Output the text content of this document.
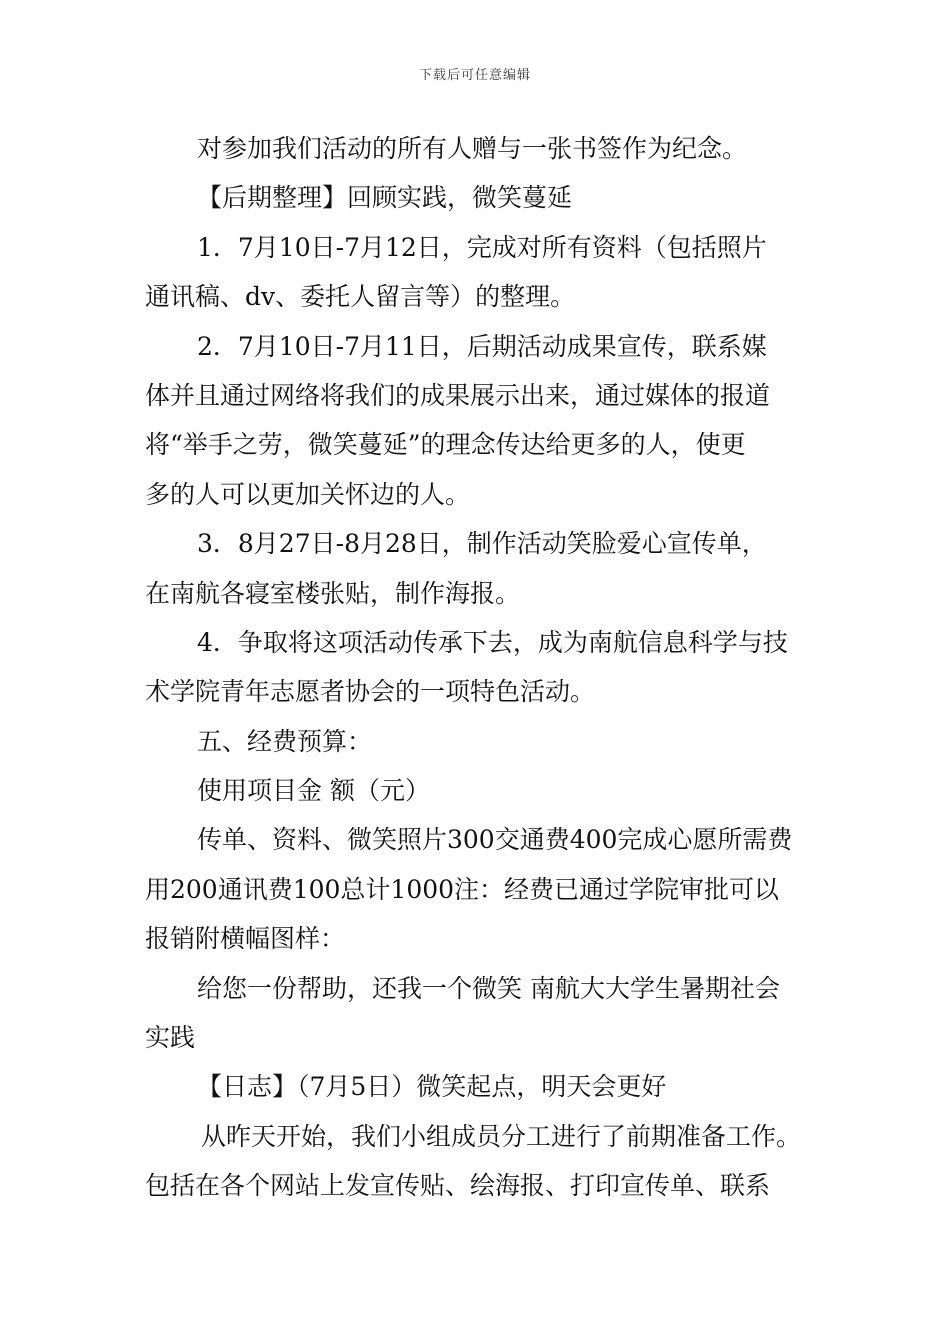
下载后可任意编辑
对参加我们活动的所有人赠与一张书签作为纪念。
【后期整理】回顾实践，微笑蔓延
1．7月10日-7月12日，完成对所有资料（包括照片
通讯稿、dv、委托人留言等）的整理。
2．7月10日-7月11日，后期活动成果宣传，联系媒
体并且通过网络将我们的成果展示出来，通过媒体的报道
将“举手之劳，微笑蔓延”的理念传达给更多的人，使更
多的人可以更加关怀边的人。
3．8月27日-8月28日，制作活动笑脸爱心宣传单，
在南航各寝室楼张贴，制作海报。
4．争取将这项活动传承下去，成为南航信息科学与技
术学院青年志愿者协会的一项特色活动。
五、经费预算：
使用项目金 额（元）
传单、资料、微笑照片300交通费400完成心愿所需费
用200通讯费100总计1000注：经费已通过学院审批可以
报销附横幅图样：
给您一份帮助，还我一个微笑 南航大大学生暑期社会
实践
【日志】（7月5日）微笑起点，明天会更好
从昨天开始，我们小组成员分工进行了前期准备工作。
包括在各个网站上发宣传贴、绘海报、打印宣传单、联系
